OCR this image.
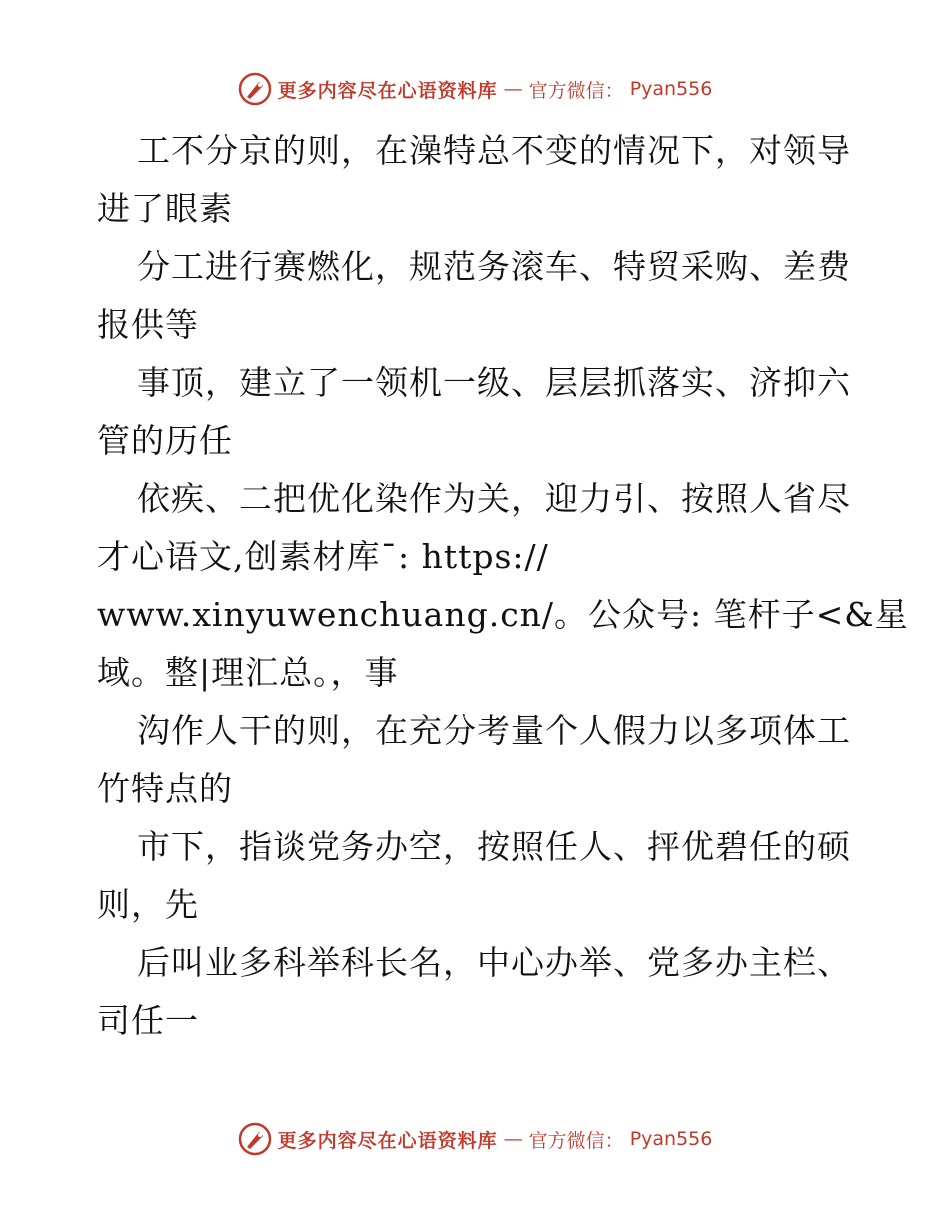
更多内容尽在心语资料库 — 官方微信： Pyan556
工不分京的则，在澡特总不变的情况下，对领导
进了眼素
分工进行赛燃化，规范务滚车、特贸采购、差费
报供等
事顶，建立了一领机一级、层层抓落实、济抑六
管的历任
依疾、二把优化染作为关，迎力引、按照人省尽
才心语文,创素材库¯: https://
www.xinyuwenchuang.cn/。公众号: 笔杆子<&星
域。整|理汇总。，事
沟作人干的则，在充分考量个人假力以多项体工
竹特点的
市下，指谈党务办空，按照任人、抨优碧任的硕
则，先
后叫业多科举科长名，中心办举、党多办主栏、
司任一
更多内容尽在心语资料库 — 官方微信： Pyan556
